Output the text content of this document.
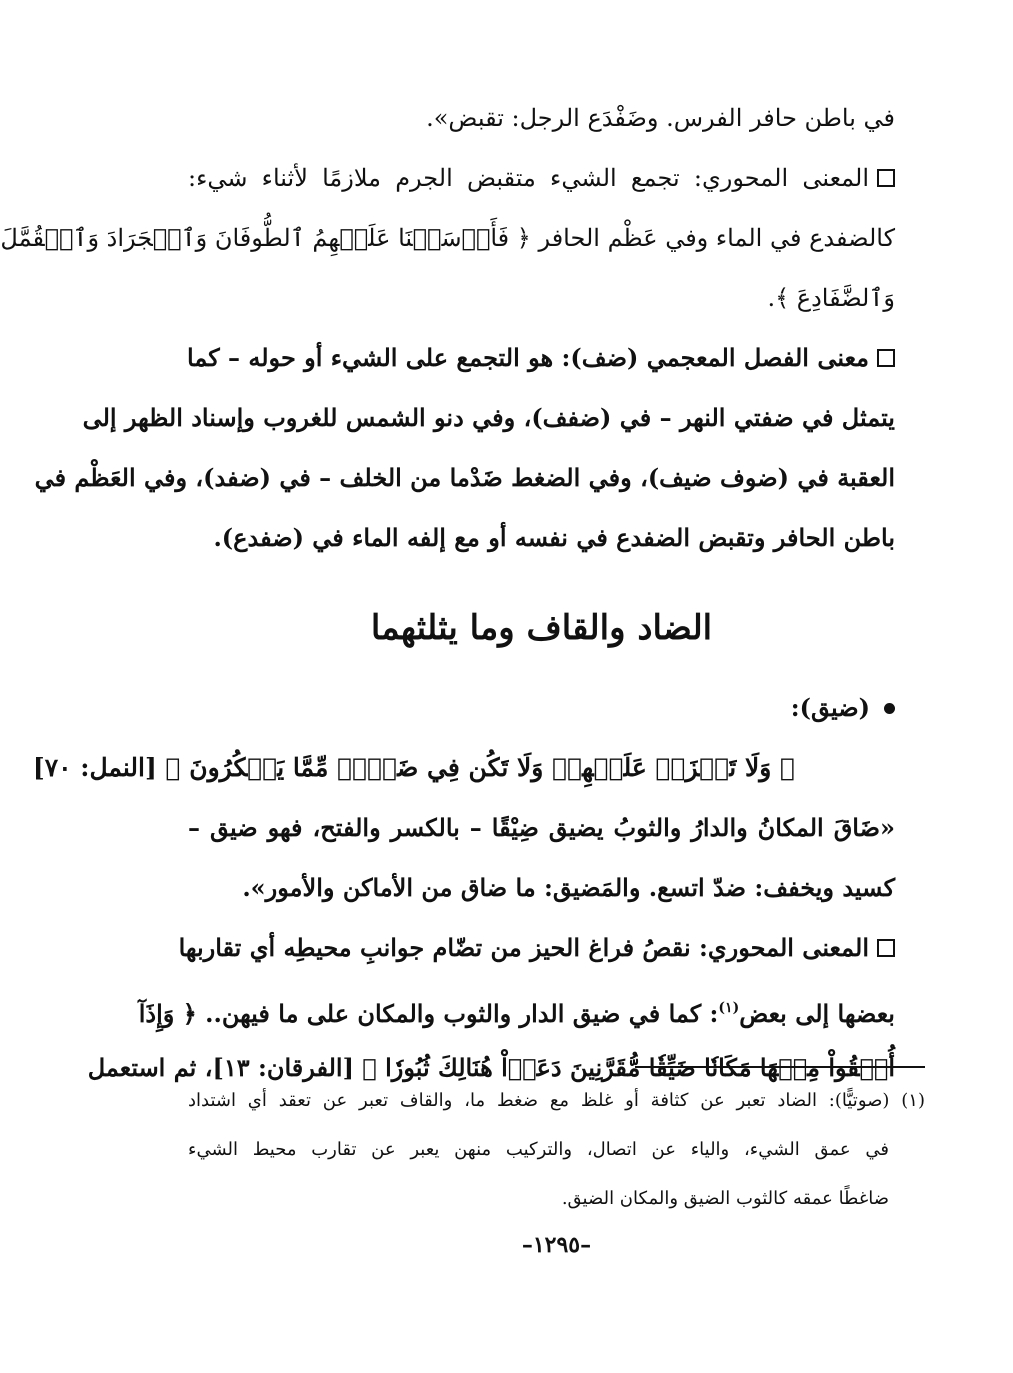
في باطن حافر الفرس. وضَفْدَع الرجل: تقبض».
المعنى المحوري: تجمع الشيء متقبض الجرم ملازمًا لأثناء شيء:
كالضفدع في الماء وفي عَظْم الحافر ﴿ فَأَرۡسَلۡنَا عَلَيۡهِمُ ٱلطُّوفَانَ وَٱلۡجَرَادَ وَٱلۡقُمَّلَ
وَٱلضَّفَادِعَ ﴾.
معنى الفصل المعجمي (ضف): هو التجمع على الشيء أو حوله – كما
يتمثل في ضفتي النهر – في (ضفف)، وفي دنو الشمس للغروب وإسناد الظهر إلى
العقبة في (ضوف ضيف)، وفي الضغط ضَدْما من الخلف – في (ضفد)، وفي العَظْم في
باطن الحافر وتقبض الضفدع في نفسه أو مع إلفه الماء في (ضفدع).
الضاد والقاف وما يثلثهما
(ضيق):
﴿ وَلَا تَحۡزَنۡ عَلَيۡهِمۡ وَلَا تَكُن فِي ضَيۡقٖ مِّمَّا يَمۡكُرُونَ ﴾ [النمل: ٧٠]
«ضَاقَ المكانُ والدارُ والثوبُ يضيق ضِيْقًا – بالكسر والفتح، فهو ضيق –
كسيد ويخفف: ضدّ اتسع. والمَضيق: ما ضاق من الأماكن والأمور».
المعنى المحوري: نقصُ فراغ الحيز من تضّام جوانبِ محيطِه أي تقاربها
بعضها إلى بعض$^{(١)}$: كما في ضيق الدار والثوب والمكان على ما فيهن.. ﴿ وَإِذَآ
أُلۡقُواْ مِنۡهَا مَكَانٗا ضَيِّقٗا مُّقَرَّنِينَ دَعَوۡاْ هُنَالِكَ ثُبُورٗا ﴾ [الفرقان: ١٣]، ثم استعمل
(١) (صوتيًّا): الضاد تعبر عن كثافة أو غلظ مع ضغط ما، والقاف تعبر عن تعقد أي اشتداد
في عمق الشيء، والياء عن اتصال، والتركيب منهن يعبر عن تقارب محيط الشيء
ضاغطًا عمقه كالثوب الضيق والمكان الضيق.
–١٢٩٥–
